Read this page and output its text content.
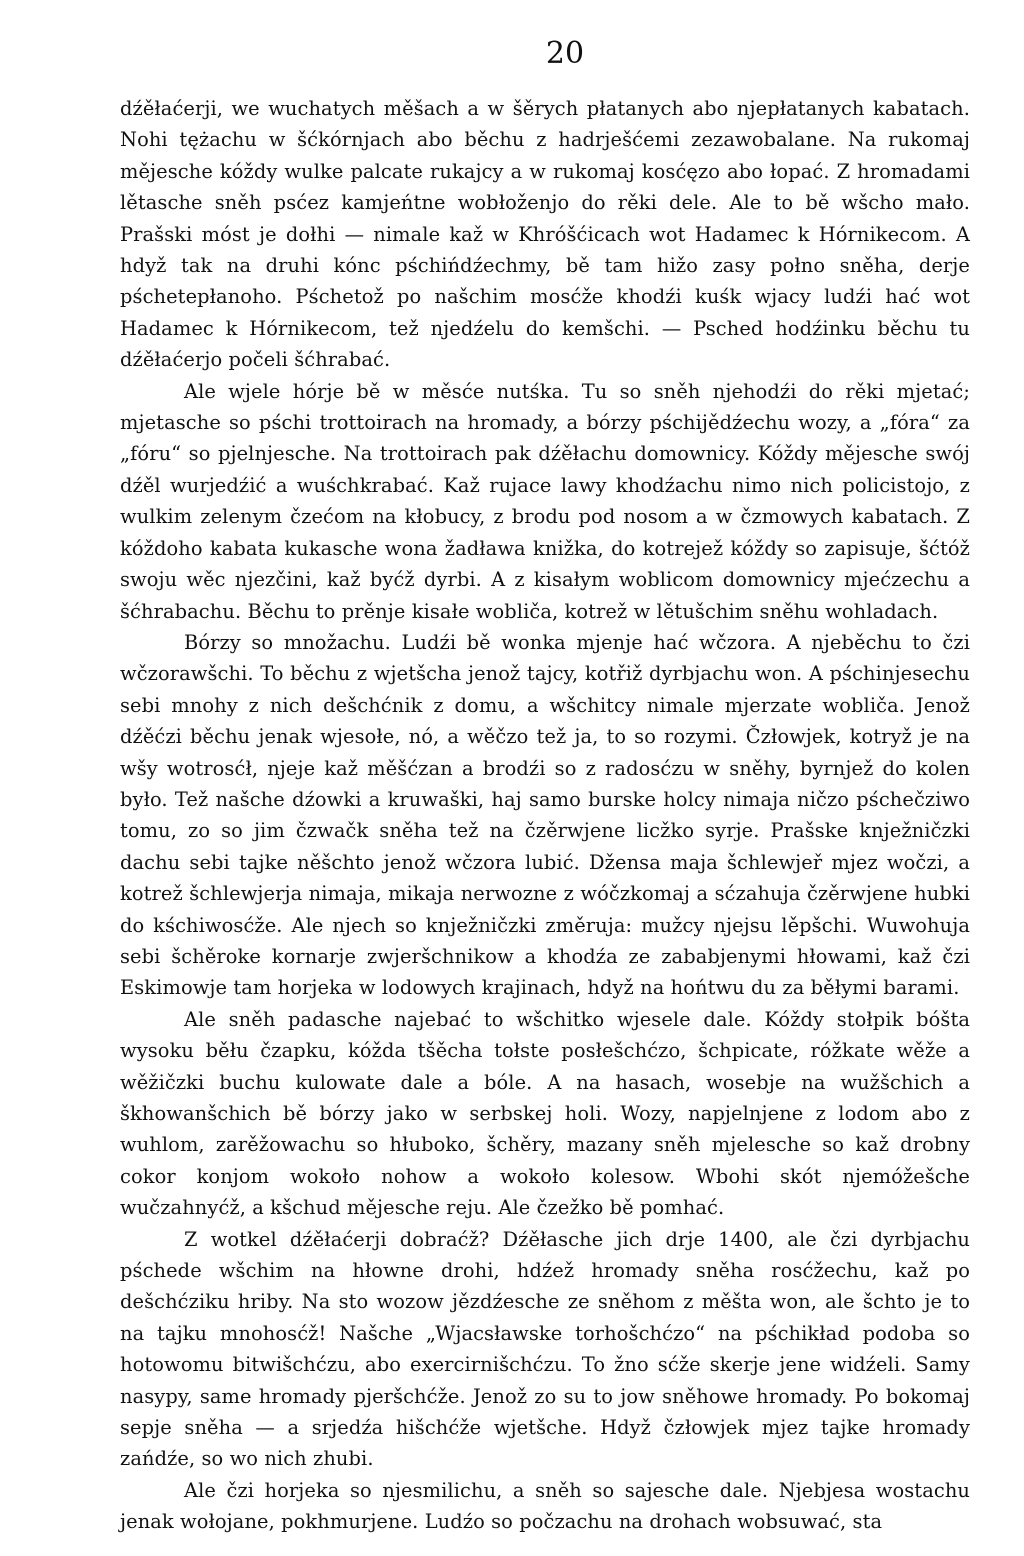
20

dźěłaćerji, we wuchatych měšach a w šěrych płatanych abo njepłatanych kabatach. Nohi tężachu w šćkórnjach abo běchu z hadrješćemi zezawobalane. Na rukomaj mějesche kóždy wulke palcate rukajcy a w rukomaj kosćęzo abo łopać. Z hromadami lětasche sněh psćez kamjeńtne wobłoženjo do rěki dele. Ale to bě wšcho mało. Prašski móst je dołhi — nimale kaž w Khróšćicach wot Hadamec k Hórnikecom. A hdyž tak na druhi kónc pśchińdźechmy, bě tam hižo zasy połno sněha, derje pśchetepłanoho. Pśchetož po našchim mosćže khodźi kuśk wjacy ludźi hać wot Hadamec k Hórnikecom, tež njedźelu do kemšchi. — Psched hodźinku běchu tu dźěłaćerjo počeli šćhrabać.

Ale wjele hórje bě w měsće nutśka. Tu so sněh njehodźi do rěki mjetać; mjetasche so pśchi trottoirach na hromady, a bórzy pśchijědźechu wozy, a „fóra“ za „fóru“ so pjelnjesche. Na trottoirach pak dźěłachu domownicy. Kóždy mějesche swój dźěl wurjedźić a wuśchkrabać. Kaž rujace lawy khodźachu nimo nich policistojo, z wulkim zelenym čzećom na kłobucy, z brodu pod nosom a w čzmowych kabatach. Z kóždoho kabata kukasche wona žadława knižka, do kotrejež kóždy so zapisuje, šćtóž swoju wěc njezčini, kaž byćž dyrbi. A z kisałym woblicom domownicy mjećzechu a šćhrabachu. Běchu to prěnje kisałe wobliča, kotrež w lětušchim sněhu wohladach.

Bórzy so množachu. Ludźi bě wonka mjenje hać wčzora. A njeběchu to čzi wčzorawšchi. To běchu z wjetšcha jenož tajcy, kotřiž dyrbjachu won. A pśchinjesechu sebi mnohy z nich dešchćnik z domu, a wšchitcy nimale mjerzate wobliča. Jenož dźěćzi běchu jenak wjesołe, nó, a wěčzo tež ja, to so rozymi. Čzłowjek, kotryž je na wšy wotrosćł, njeje kaž měšćzan a brodźi so z radosćzu w sněhy, byrnjež do kolen było. Tež našche dźowki a kruwaški, haj samo burske holcy nimaja ničzo pśchečziwo tomu, zo so jim čzwačk sněha tež na čzěrwjene licžko syrje. Prašske knježničzki dachu sebi tajke něšchto jenož wčzora lubić. Džensa maja šchlewjeř mjez wočzi, a kotrež šchlewjerja nimaja, mikaja nerwozne z wóčzkomaj a sćzahuja čzěrwjene hubki do kśchiwosćže. Ale njech so knježničzki změruja: mužcy njejsu lěpšchi. Wuwohuja sebi šchěroke kornarje zwjeršchnikow a khodźa ze zababjenymi hłowami, kaž čzi Eskimowje tam horjeka w lodowych krajinach, hdyž na hońtwu du za běłymi barami.

Ale sněh padasche najebać to wšchitko wjesele dale. Kóždy stołpik bóšta wysoku běłu čzapku, kóžda tšěcha tołste posłešchćzo, šchpicate, róžkate wěže a wěžičzki buchu kulowate dale a bóle. A na hasach, wosebje na wužšchich a škhowanšchich bě bórzy jako w serbskej holi. Wozy, napjelnjene z lodom abo z wuhlom, zarěžowachu so hłuboko, šchěry, mazany sněh mjelesche so kaž drobny cokor konjom wokoło nohow a wokoło kolesow. Wbohi skót njemóžešche wučzahnyćž, a kšchud mějesche reju. Ale čzežko bě pomhać.

Z wotkel dźěłaćerji dobraćž? Dźěłasche jich drje 1400, ale čzi dyrbjachu pśchede wšchim na hłowne drohi, hdźež hromady sněha rosćžechu, kaž po dešchćziku hriby. Na sto wozow jězdźesche ze sněhom z měšta won, ale šchto je to na tajku mnohosćž! Našche „Wjacsławske torhošchćzo“ na pśchikład podoba so hotowomu bitwišchćzu, abo exercirnišchćzu. To žno sćže skerje jene widźeli. Samy nasypy, same hromady pjeršchćže. Jenož zo su to jow sněhowe hromady. Po bokomaj sepje sněha — a srjedźa hišchćže wjetšche. Hdyž čzłowjek mjez tajke hromady zańdźe, so wo nich zhubi.

Ale čzi horjeka so njesmilichu, a sněh so sajesche dale. Njebjesa wostachu jenak wołojane, pokhmurjene. Ludźo so počzachu na drohach wobsuwać, sta
